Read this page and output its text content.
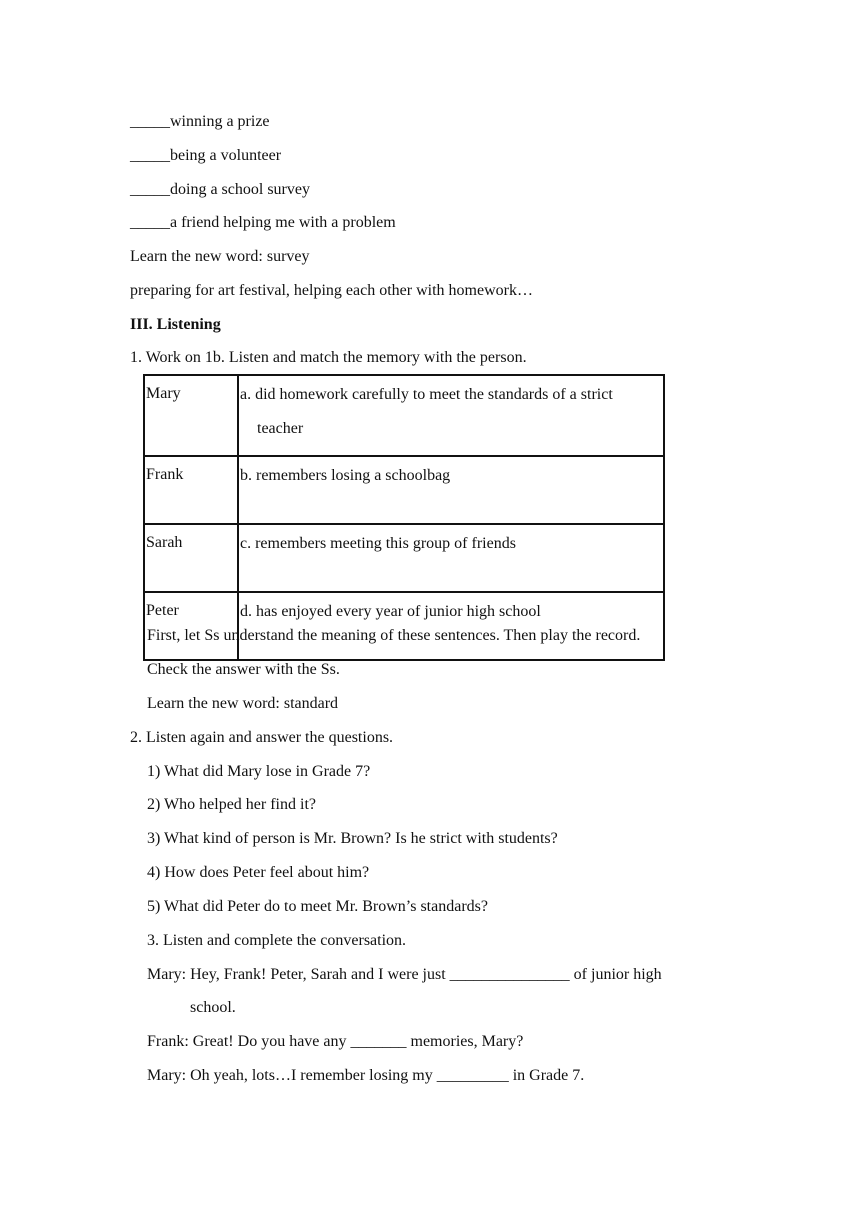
_____winning a prize
_____being a volunteer
_____doing a school survey
_____a friend helping me with a problem
Learn the new word: survey
preparing for art festival, helping each other with homework…
III. Listening
1. Work on 1b. Listen and match the memory with the person.
Mary	a. did homework carefully to meet the standards of a strict
teacher

Frank	b. remembers losing a schoolbag
Sarah	c. remembers meeting this group of friends
Peter	d. has enjoyed every year of junior high school
First, let Ss understand the meaning of these sentences. Then play the record.
Check the answer with the Ss.
Learn the new word: standard
2. Listen again and answer the questions.
1) What did Mary lose in Grade 7?
2) Who helped her find it?
3) What kind of person is Mr. Brown? Is he strict with students?
4) How does Peter feel about him?
5) What did Peter do to meet Mr. Brown’s standards?
3. Listen and complete the conversation.
Mary: Hey, Frank! Peter, Sarah and I were just _______________ of junior high
school.
Frank: Great! Do you have any _______ memories, Mary?
Mary: Oh yeah, lots…I remember losing my _________ in Grade 7.
